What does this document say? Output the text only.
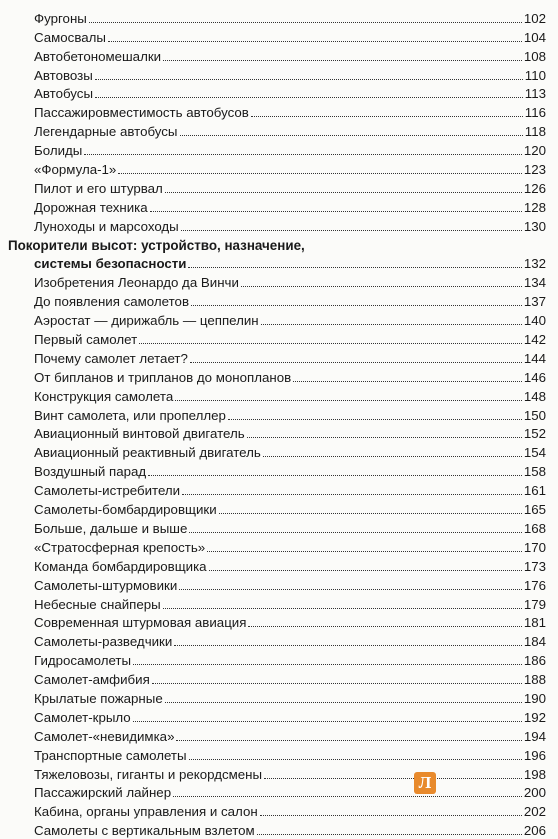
Фургоны	102
Самосвалы	104
Автобетономешалки	108
Автовозы	110
Автобусы	113
Пассажировместимость автобусов	116
Легендарные автобусы	118
Болиды	120
«Формула-1»	123
Пилот и его штурвал	126
Дорожная техника	128
Луноходы и марсоходы	130
Покорители высот: устройство, назначение,
системы безопасности	132
Изобретения Леонардо да Винчи	134
До появления самолетов	137
Аэростат — дирижабль — цеппелин	140
Первый самолет	142
Почему самолет летает?	144
От бипланов и трипланов до монопланов	146
Конструкция самолета	148
Винт самолета, или пропеллер	150
Авиационный винтовой двигатель	152
Авиационный реактивный двигатель	154
Воздушный парад	158
Самолеты-истребители	161
Самолеты-бомбардировщики	165
Больше, дальше и выше	168
«Стратосферная крепость»	170
Команда бомбардировщика	173
Самолеты-штурмовики	176
Небесные снайперы	179
Современная штурмовая авиация	181
Самолеты-разведчики	184
Гидросамолеты	186
Самолет-амфибия	188
Крылатые пожарные	190
Самолет-крыло	192
Самолет-«невидимка»	194
Транспортные самолеты	196
Тяжеловозы, гиганты и рекордсмены	198
Пассажирский лайнер	200
Кабина, органы управления и салон	202
Самолеты с вертикальным взлетом	206
Л
